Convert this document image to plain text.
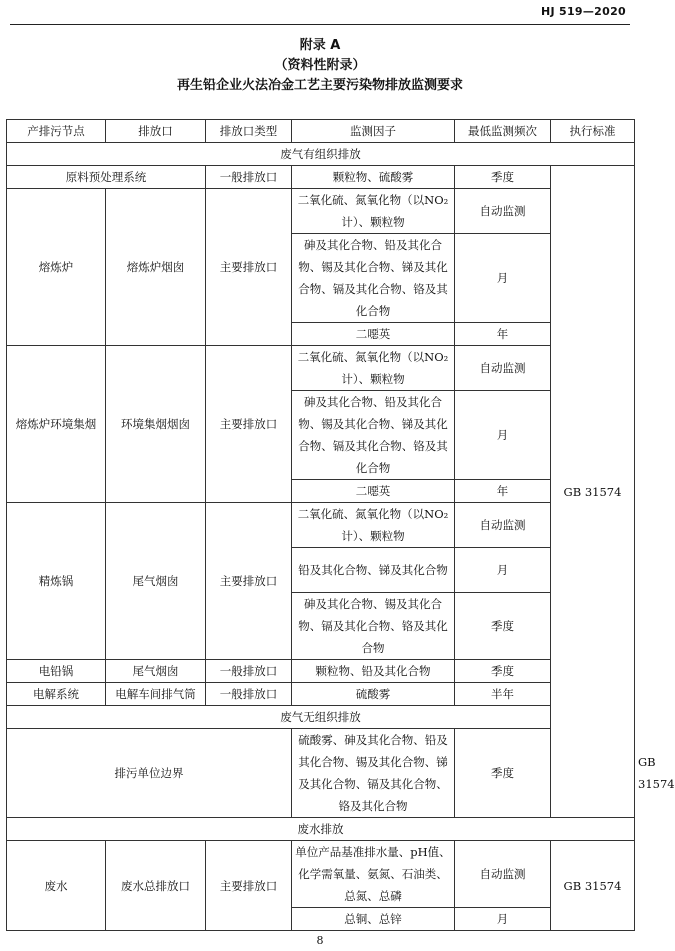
HJ 519—2020
附录 A
（资料性附录）
再生铅企业火法冶金工艺主要污染物排放监测要求
产排污节点	排放口	排放口类型	监测因子	最低监测频次	执行标准	
废气有组织排放						
原料预处理系统		一般排放口	颗粒物、硫酸雾	季度	GB 31574	
熔炼炉	熔炼炉烟囱	主要排放口	二氧化硫、氮氧化物（以NO₂计）、颗粒物	自动监测		
			砷及其化合物、铅及其化合物、锡及其化合物、锑及其化合物、镉及其化合物、铬及其化合物	月		
			二噁英	年		
熔炼炉环境集烟	环境集烟烟囱	主要排放口	二氧化硫、氮氧化物（以NO₂计）、颗粒物	自动监测		
			砷及其化合物、铅及其化合物、锡及其化合物、锑及其化合物、镉及其化合物、铬及其化合物	月		
			二噁英	年		
精炼锅	尾气烟囱	主要排放口	二氧化硫、氮氧化物（以NO₂计）、颗粒物	自动监测		
			铅及其化合物、锑及其化合物	月		
			砷及其化合物、锡及其化合物、镉及其化合物、铬及其化合物	季度		
电铅锅	尾气烟囱	一般排放口	颗粒物、铅及其化合物	季度		
电解系统	电解车间排气筒	一般排放口	硫酸雾	半年		
废气无组织排放						
排污单位边界			硫酸雾、砷及其化合物、铅及其化合物、锡及其化合物、锑及其化合物、镉及其化合物、铬及其化合物	季度		GB 31574
废水排放						
废水	废水总排放口	主要排放口	单位产品基准排水量、pH值、化学需氧量、氨氮、石油类、总氮、总磷	自动监测	GB 31574	
			总铜、总锌	月		
8
